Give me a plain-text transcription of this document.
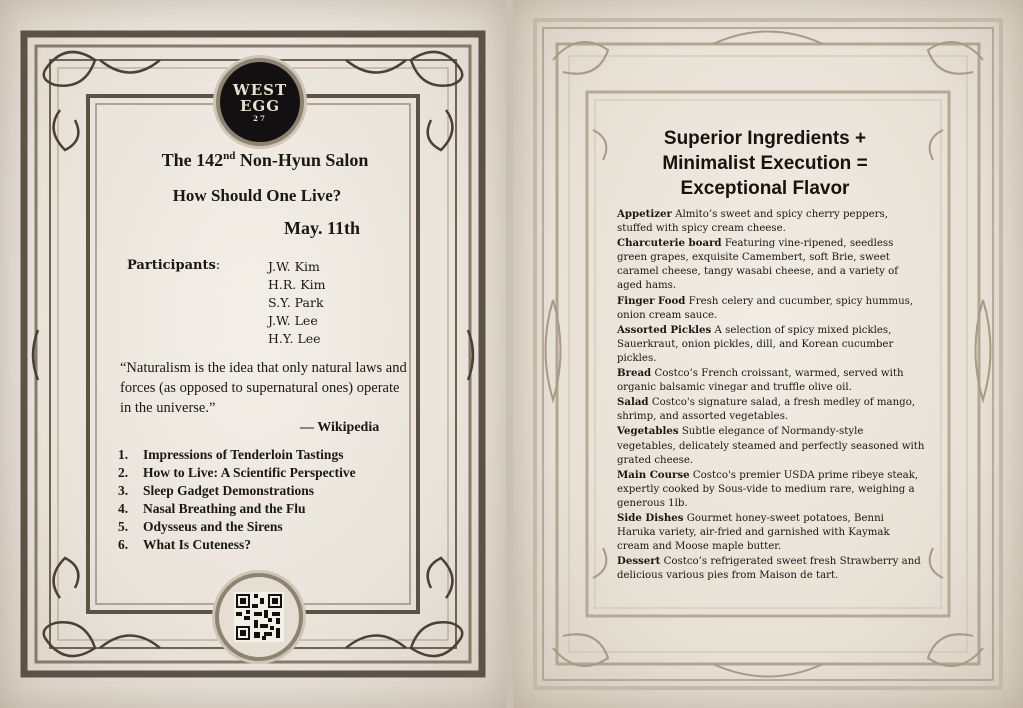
WEST
EGG
27
The 142nd Non-Hyun Salon
How Should One Live?
May. 11th
Participants:	J.W. Kim
H.R. Kim
S.Y. Park
J.W. Lee
H.Y. Lee
“Naturalism is the idea that only natural laws and forces (as opposed to supernatural ones) operate in the universe.”
— Wikipedia
1.	Impressions of Tenderloin Tastings
2.	How to Live: A Scientific Perspective
3.	Sleep Gadget Demonstrations
4.	Nasal Breathing and the Flu
5.	Odysseus and the Sirens
6.	What Is Cuteness?
Superior Ingredients +
Minimalist Execution =
Exceptional Flavor
Appetizer Almito’s sweet and spicy cherry peppers, stuffed with spicy cream cheese.
Charcuterie board Featuring vine-ripened, seedless green grapes, exquisite Camembert, soft Brie, sweet caramel cheese, tangy wasabi cheese, and a variety of aged hams.
Finger Food Fresh celery and cucumber, spicy hummus, onion cream sauce.
Assorted Pickles A selection of spicy mixed pickles, Sauerkraut, onion pickles, dill, and Korean cucumber pickles.
Bread Costco’s French croissant, warmed, served with organic balsamic vinegar and truffle olive oil.
Salad Costco's signature salad, a fresh medley of mango, shrimp, and assorted vegetables.
Vegetables Subtle elegance of Normandy-style vegetables, delicately steamed and perfectly seasoned with grated cheese.
Main Course Costco's premier USDA prime ribeye steak, expertly cooked by Sous-vide to medium rare, weighing a generous 1lb.
Side Dishes Gourmet honey-sweet potatoes, Benni Haruka variety, air-fried and garnished with Kaymak cream and Moose maple butter.
Dessert Costco’s refrigerated sweet fresh Strawberry and delicious various pies from Maison de tart.
